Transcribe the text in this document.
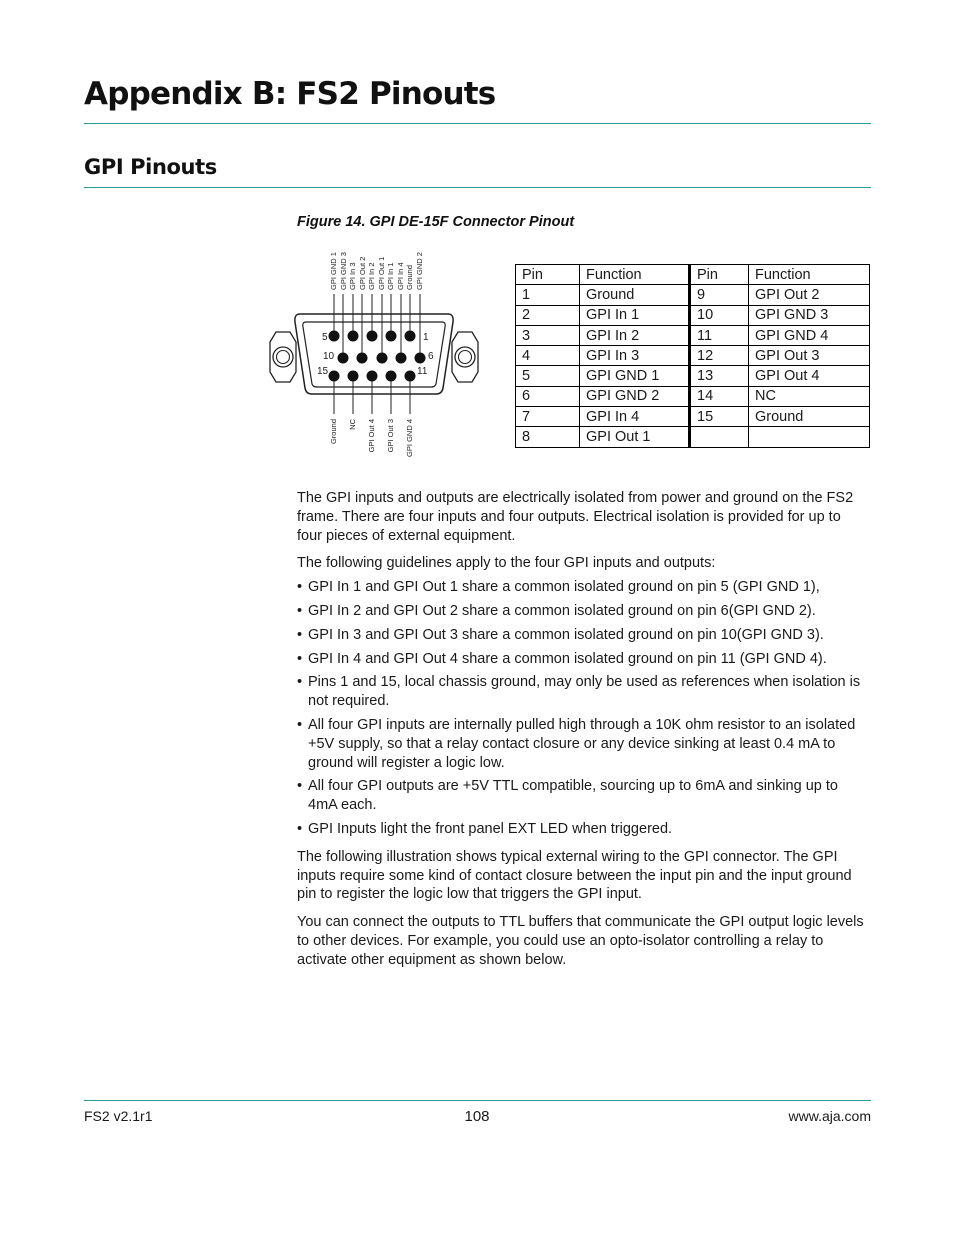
Appendix B: FS2 Pinouts
GPI Pinouts
Figure 14. GPI DE-15F Connector Pinout
5	1
10	6
15	11
GPI GND 1 GPI GND 3 GPI In 3 GPI Out 2 GPI In 2 GPI Out 1 GPI In 1 GPI In 4 Ground GPI GND 2
Ground NC GPI Out 4 GPI Out 3 GPI GND 4
Pin	Function	Pin	Function
1	Ground	9	GPI Out 2
2	GPI In 1	10	GPI GND 3
3	GPI In 2	11	GPI GND 4
4	GPI In 3	12	GPI Out 3
5	GPI GND 1	13	GPI Out 4
6	GPI GND 2	14	NC
7	GPI In 4	15	Ground
8	GPI Out 1		

The GPI inputs and outputs are electrically isolated from power and ground on the FS2 frame. There are four inputs and four outputs. Electrical isolation is provided for up to four pieces of external equipment.

The following guidelines apply to the four GPI inputs and outputs:

• GPI In 1 and GPI Out 1 share a common isolated ground on pin 5 (GPI GND 1),
• GPI In 2 and GPI Out 2 share a common isolated ground on pin 6(GPI GND 2).
• GPI In 3 and GPI Out 3 share a common isolated ground on pin 10(GPI GND 3).
• GPI In 4 and GPI Out 4 share a common isolated ground on pin 11 (GPI GND 4).
• Pins 1 and 15, local chassis ground, may only be used as references when isolation is not required.
• All four GPI inputs are internally pulled high through a 10K ohm resistor to an isolated +5V supply, so that a relay contact closure or any device sinking at least 0.4 mA to ground will register a logic low.
• All four GPI outputs are +5V TTL compatible, sourcing up to 6mA and sinking up to 4mA each.
• GPI Inputs light the front panel EXT LED when triggered.

The following illustration shows typical external wiring to the GPI connector. The GPI inputs require some kind of contact closure between the input pin and the input ground pin to register the logic low that triggers the GPI input.

You can connect the outputs to TTL buffers that communicate the GPI output logic levels to other devices. For example, you could use an opto-isolator controlling a relay to activate other equipment as shown below.

FS2 v2.1r1	108	www.aja.com
